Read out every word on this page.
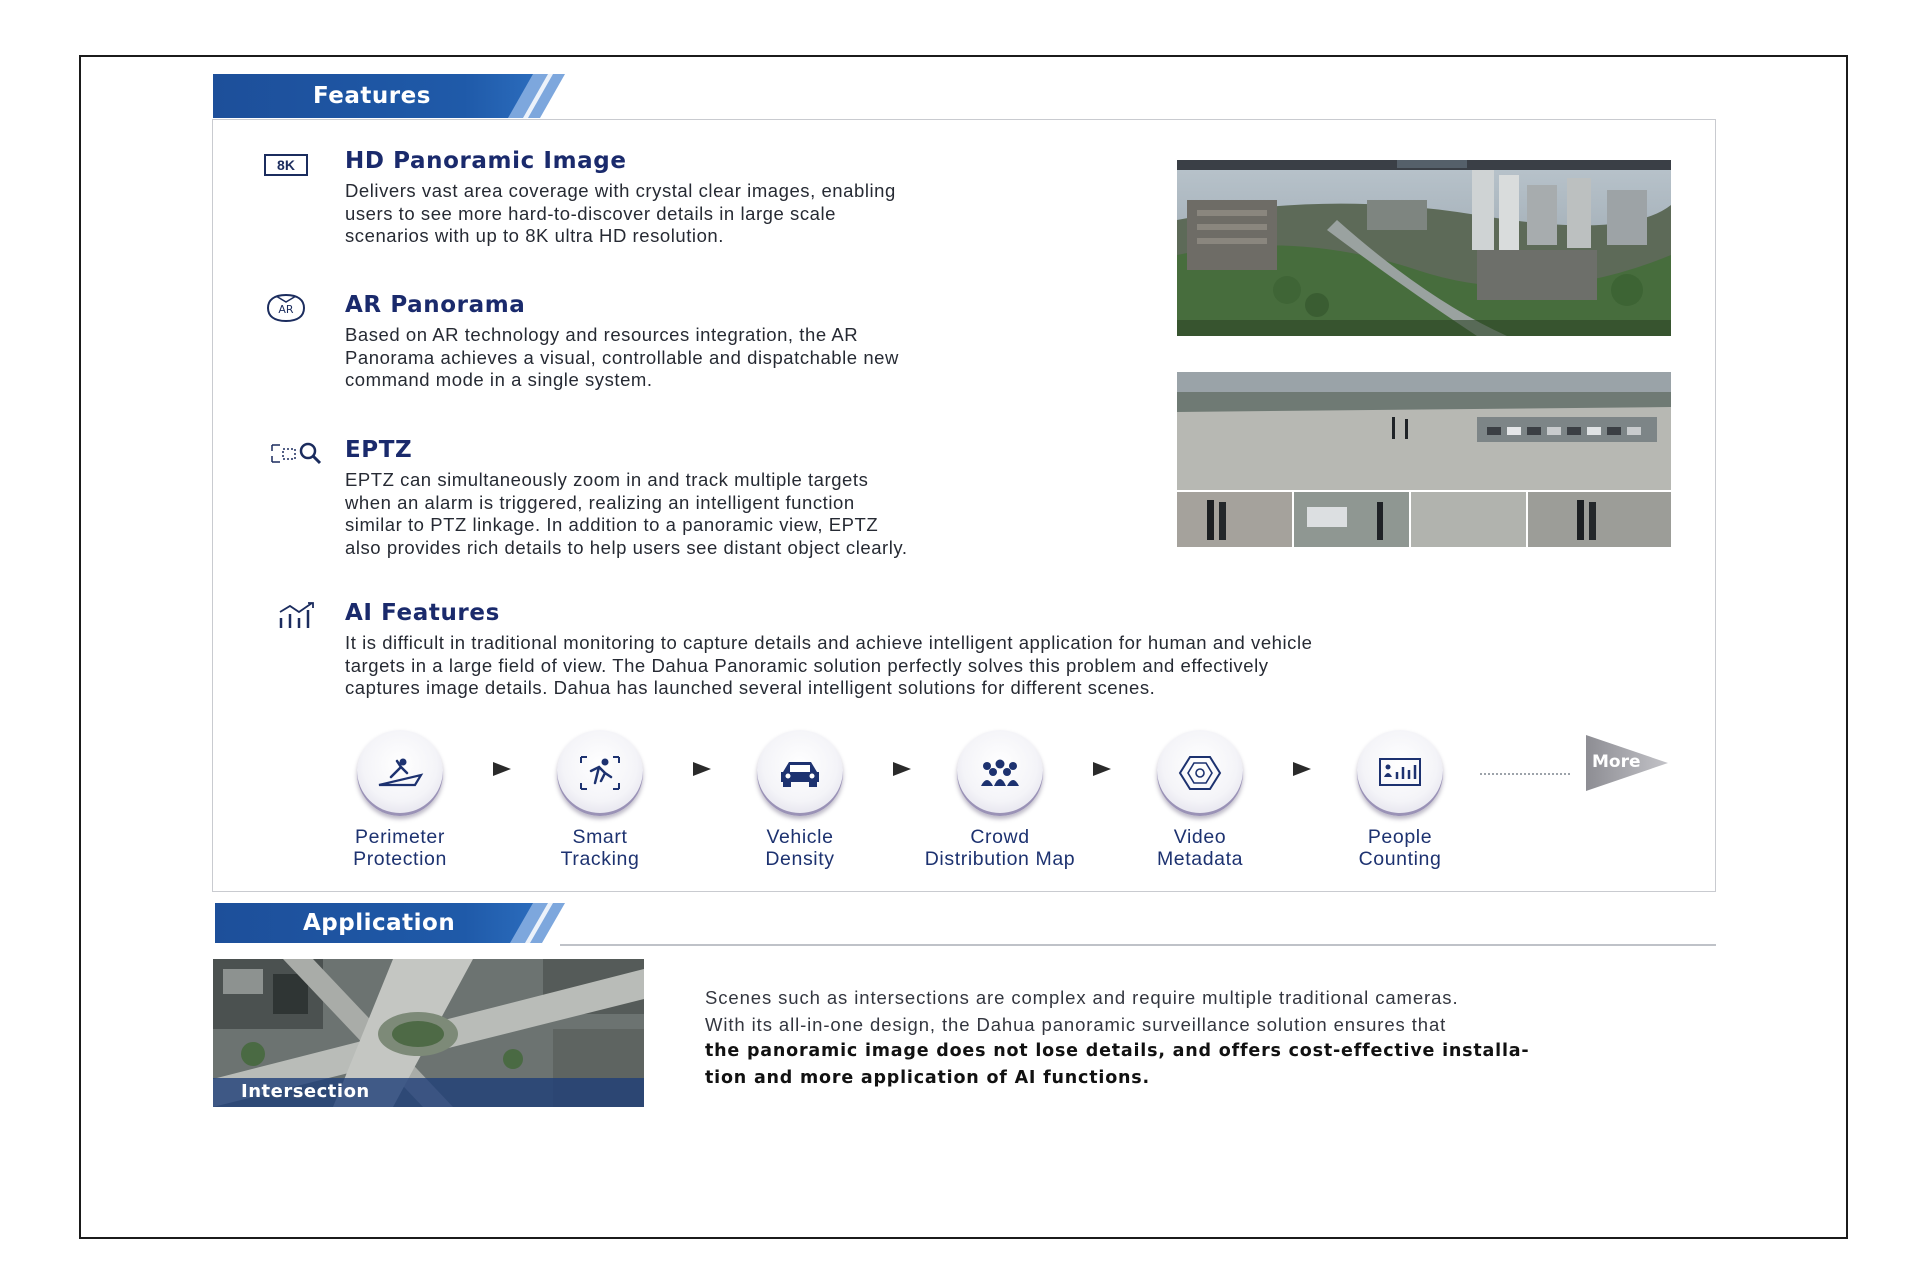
Features
8K	HD Panoramic Image
Delivers vast area coverage with crystal clear images, enabling
users to see more hard-to-discover details in large scale
scenarios with up to 8K ultra HD resolution.
AR AR Panorama
Based on AR technology and resources integration, the AR
Panorama achieves a visual, controllable and dispatchable new
command mode in a single system.
EPTZ
EPTZ can simultaneously zoom in and track multiple targets
when an alarm is triggered, realizing an intelligent function
similar to PTZ linkage. In addition to a panoramic view, EPTZ
also provides rich details to help users see distant object clearly.
AI Features
It is difficult in traditional monitoring to capture details and achieve intelligent application for human and vehicle
targets in a large field of view. The Dahua Panoramic solution perfectly solves this problem and effectively
captures image details. Dahua has launched several intelligent solutions for different scenes.
Perimeter
Protection
Smart
Tracking
Vehicle
Density
Crowd
Distribution Map
Video
Metadata
People
Counting
More
Application
Intersection
Scenes such as intersections are complex and require multiple traditional cameras.
With its all-in-one design, the Dahua panoramic surveillance solution ensures that
the panoramic image does not lose details, and offers cost-effective installa-
tion and more application of AI functions.
